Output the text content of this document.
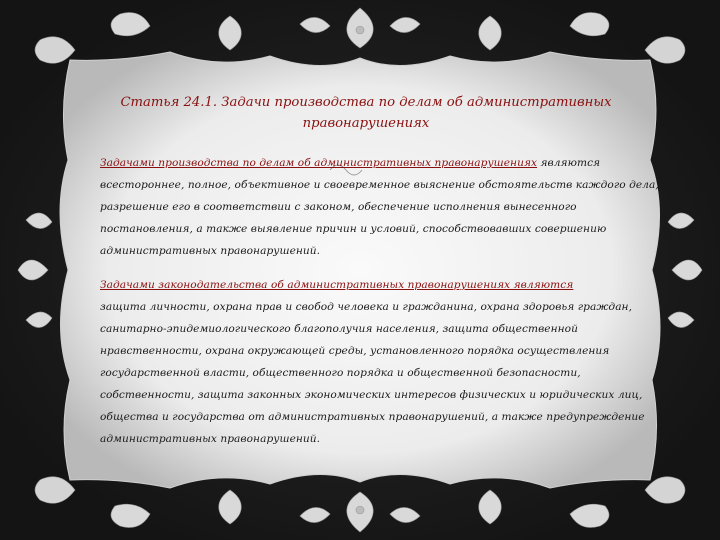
Статья 24.1. Задачи производства по делам об административных
правонарушениях
Задачами производства по делам об административных правонарушениях являются
всестороннее, полное, объективное и своевременное выяснение обстоятельств каждого дела,
разрешение его в соответствии с законом, обеспечение исполнения вынесенного
постановления, а также выявление причин и условий, способствовавших совершению
административных правонарушений.
Задачами законодательства об административных правонарушениях являются
защита личности, охрана прав и свобод человека и гражданина, охрана здоровья граждан,
санитарно-эпидемиологического благополучия населения, защита общественной
нравственности, охрана окружающей среды, установленного порядка осуществления
государственной власти, общественного порядка и общественной безопасности,
собственности, защита законных экономических интересов физических и юридических лиц,
общества и государства от административных правонарушений, а также предупреждение
административных правонарушений.
